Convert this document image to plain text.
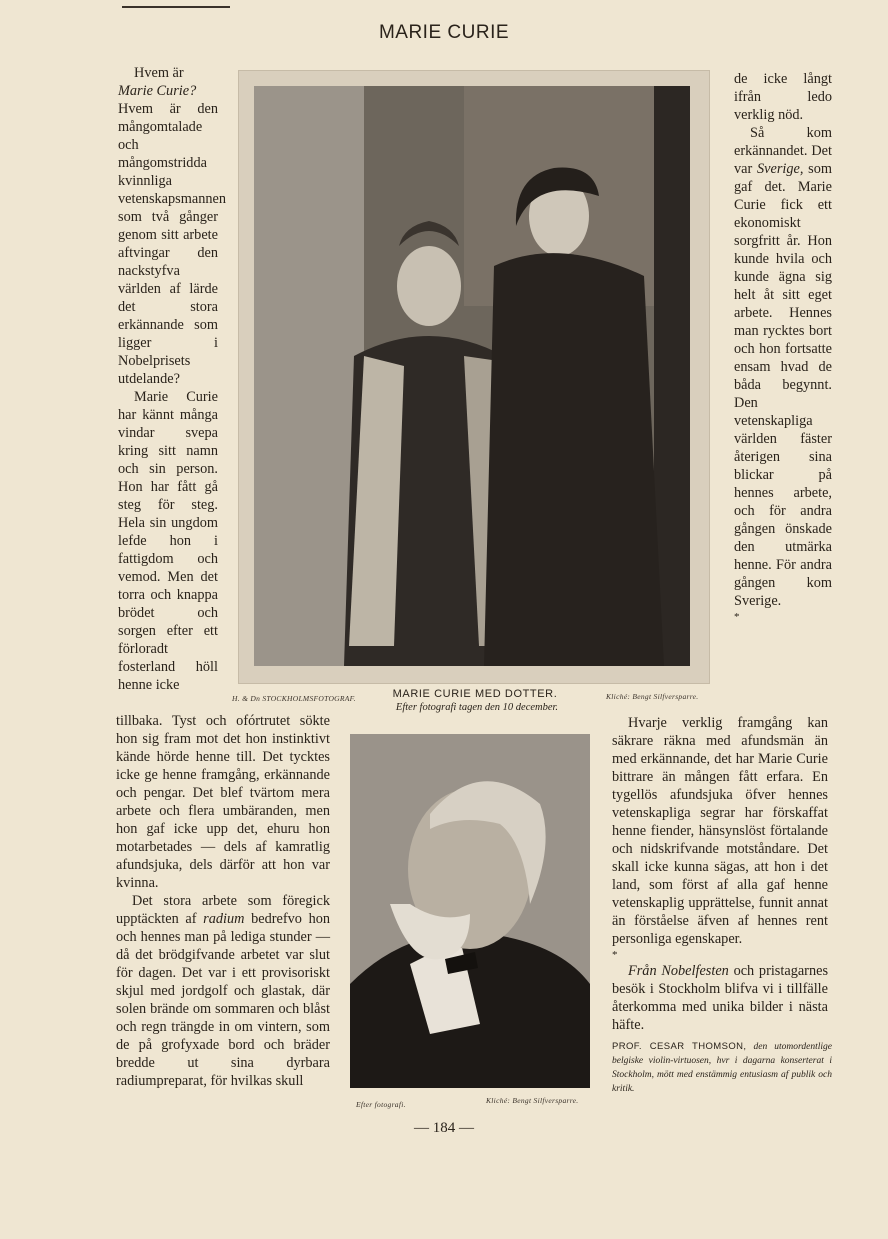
MARIE CURIE

Hvem är

Marie Curie?

Hvem är den mångomtalade och mångomstridda kvinnliga vetenskapsmannen som två gånger genom sitt arbete aftvingar den nackstyfva världen af lärde det stora erkännande som ligger i Nobelprisets utdelande?

Marie Curie har kännt många vindar svepa kring sitt namn och sin person. Hon har fått gå steg för steg. Hela sin ungdom lefde hon i fattigdom och vemod. Men det torra och knappa brödet och sorgen efter ett förloradt fosterland höll henne icke

tillbaka. Tyst och ofórtrutet sökte hon sig fram mot det hon instinktivt kände hörde henne till. Det tycktes icke ge henne framgång, erkännande och pengar. Det blef tvärtom mera arbete och flera umbäranden, men hon gaf icke upp det, ehuru hon motarbetades — dels af kamratlig afundsjuka, dels därför att hon var kvinna.

Det stora arbete som föregick upptäckten af radium bedrefvo hon och hennes man på lediga stunder — då det brödgifvande arbetet var slut för dagen. Det var i ett provisoriskt skjul med jordgolf och glastak, där solen brände om sommaren och blåst och regn trängde in om vintern, som de på grofyxade bord och bräder bredde ut sina dyrbara radiumpreparat, för hvilkas skull

de icke långt ifrån ledo verklig nöd.

Så kom erkännandet. Det var Sverige, som gaf det. Marie Curie fick ett ekonomiskt sorgfritt år. Hon kunde hvila och kunde ägna sig helt åt sitt eget arbete. Hennes man rycktes bort och hon fortsatte ensam hvad de båda begynnt. Den vetenskapliga världen fäster återigen sina blickar på hennes arbete, och för andra gången önskade den utmärka henne. För andra gången kom Sverige.

*

H. & Dn STOCKHOLMSFOTOGRAF.	MARIE CURIE MED DOTTER.
Efter fotografi tagen den 10 december.
Kliché: Bengt Silfversparre.
Efter fotografi.	Kliché: Bengt Silfversparre.

Hvarje verklig framgång kan säkrare räkna med afundsmän än med erkännande, det har Marie Curie bittrare än mången fått erfara. En tygellös afundsjuka öfver hennes vetenskapliga segrar har förskaffat henne fiender, hänsynslöst förtalande och nidskrifvande motståndare. Det skall icke kunna sägas, att hon i det land, som först af alla gaf henne vetenskaplig upprättelse, funnit annat än förståelse äfven af hennes rent personliga egenskaper.

*

Från Nobelfesten och pristagarnes besök i Stockholm blifva vi i tillfälle återkomma med unika bilder i nästa häfte.

PROF. CESAR THOMSON, den utomordentlige belgiske violin-virtuosen, hvr i dagarna konserterat i Stockholm, mött med enstämmig entusiasm af publik och kritik.
— 184 —
